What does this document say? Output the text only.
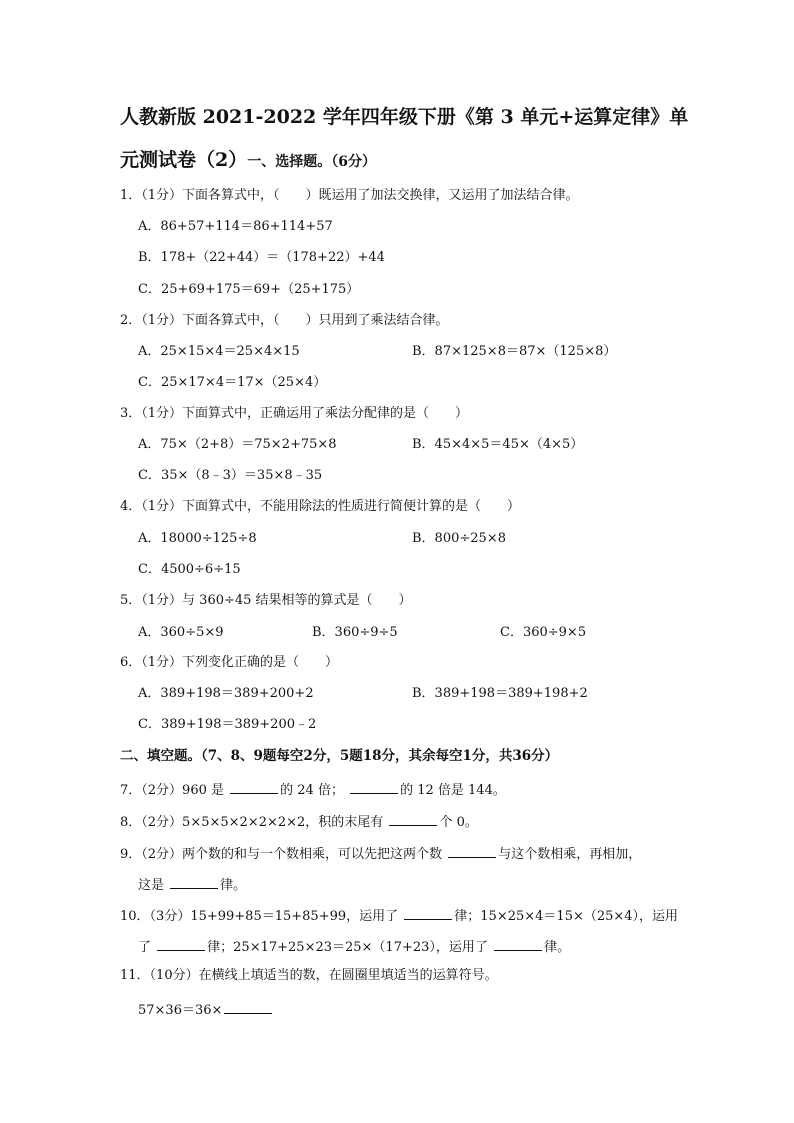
人教新版 2021-2022 学年四年级下册《第 3 单元+运算定律》单
元测试卷（2）一、选择题。（6分）
1．（1分）下面各算式中，（　　）既运用了加法交换律，又运用了加法结合律。
A．86+57+114＝86+114+57
B．178+（22+44）＝（178+22）+44
C．25+69+175＝69+（25+175）
2．（1分）下面各算式中，（　　）只用到了乘法结合律。
A．25×15×4＝25×4×15	B．87×125×8＝87×（125×8）
C．25×17×4＝17×（25×4）
3．（1分）下面算式中，正确运用了乘法分配律的是（　　）
A．75×（2+8）＝75×2+75×8	B．45×4×5＝45×（4×5）
C．35×（8﹣3）＝35×8﹣35
4．（1分）下面算式中，不能用除法的性质进行简便计算的是（　　）
A．18000÷125÷8	B．800÷25×8
C．4500÷6÷15
5．（1分）与 360÷45 结果相等的算式是（　　）
A．360÷5×9	B．360÷9÷5	C．360÷9×5
6．（1分）下列变化正确的是（　　）
A．389+198＝389+200+2	B．389+198＝389+198+2
C．389+198＝389+200﹣2
二、填空题。（7、8、9题每空2分，5题18分，其余每空1分，共36分）
7．（2分）960 是	的 24 倍；	的 12 倍是 144。
8．（2分）5×5×5×2×2×2×2，积的末尾有	个 0。
9．（2分）两个数的和与一个数相乘，可以先把这两个数	与这个数相乘，再相加，
这是	律。
10．（3分）15+99+85＝15+85+99，运用了	律；15×25×4＝15×（25×4），运用
了	律；25×17+25×23＝25×（17+23），运用了	律。
11．（10分）在横线上填适当的数，在圆圈里填适当的运算符号。
57×36＝36×
